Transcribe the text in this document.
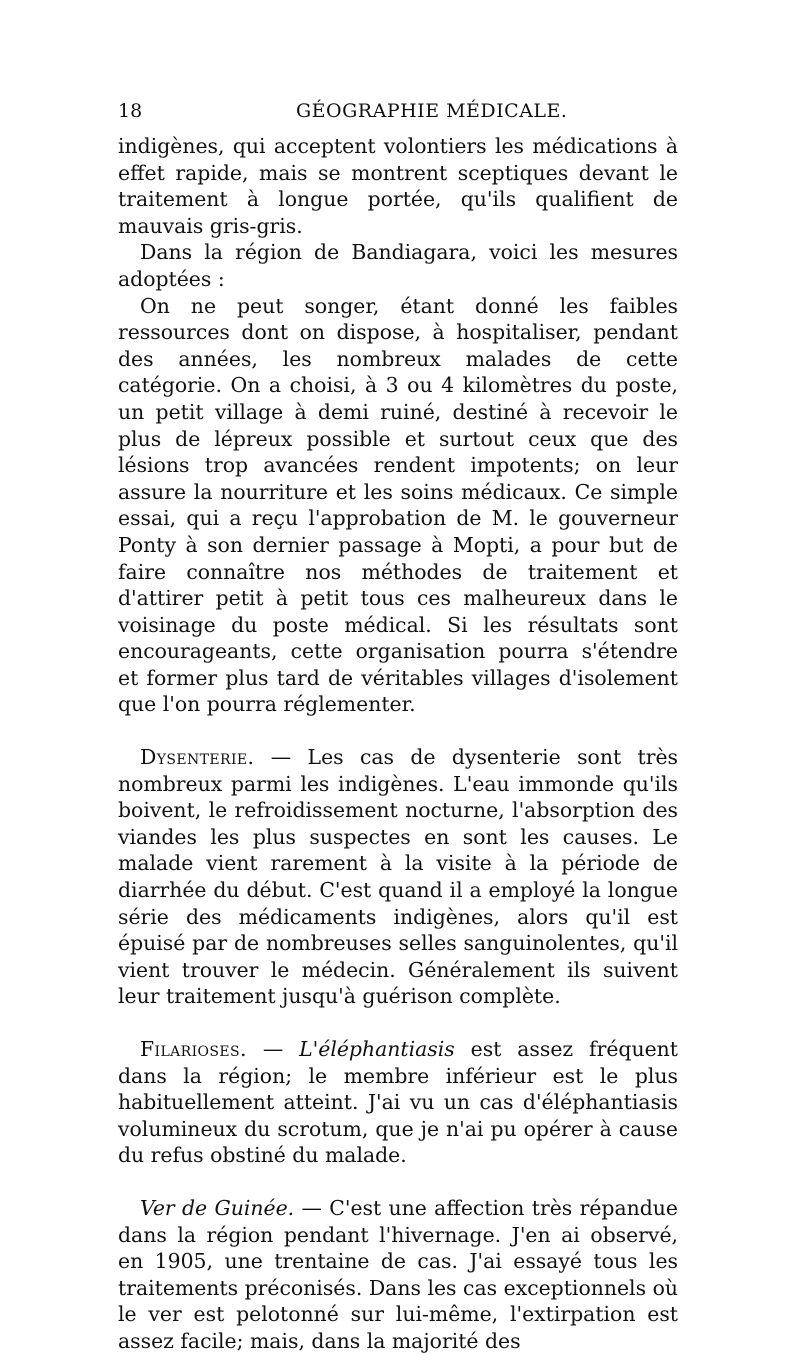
18	GÉOGRAPHIE MÉDICALE.

indigènes, qui acceptent volontiers les médications à effet rapide, mais se montrent sceptiques devant le traitement à longue portée, qu'ils qualifient de mauvais gris-gris.

Dans la région de Bandiagara, voici les mesures adoptées :

On ne peut songer, étant donné les faibles ressources dont on dispose, à hospitaliser, pendant des années, les nombreux malades de cette catégorie. On a choisi, à 3 ou 4 kilomètres du poste, un petit village à demi ruiné, destiné à recevoir le plus de lépreux possible et surtout ceux que des lésions trop avancées rendent impotents; on leur assure la nourriture et les soins médicaux. Ce simple essai, qui a reçu l'approbation de M. le gouverneur Ponty à son dernier passage à Mopti, a pour but de faire connaître nos méthodes de traitement et d'attirer petit à petit tous ces malheureux dans le voisinage du poste médical. Si les résultats sont encourageants, cette organisation pourra s'étendre et former plus tard de véritables villages d'isolement que l'on pourra réglementer.

Dysenterie. — Les cas de dysenterie sont très nombreux parmi les indigènes. L'eau immonde qu'ils boivent, le refroidissement nocturne, l'absorption des viandes les plus suspectes en sont les causes. Le malade vient rarement à la visite à la période de diarrhée du début. C'est quand il a employé la longue série des médicaments indigènes, alors qu'il est épuisé par de nombreuses selles sanguinolentes, qu'il vient trouver le médecin. Généralement ils suivent leur traitement jusqu'à guérison complète.

Filarioses. — L'éléphantiasis est assez fréquent dans la région; le membre inférieur est le plus habituellement atteint. J'ai vu un cas d'éléphantiasis volumineux du scrotum, que je n'ai pu opérer à cause du refus obstiné du malade.

Ver de Guinée. — C'est une affection très répandue dans la région pendant l'hivernage. J'en ai observé, en 1905, une trentaine de cas. J'ai essayé tous les traitements préconisés. Dans les cas exceptionnels où le ver est pelotonné sur lui-même, l'extirpation est assez facile; mais, dans la majorité des
